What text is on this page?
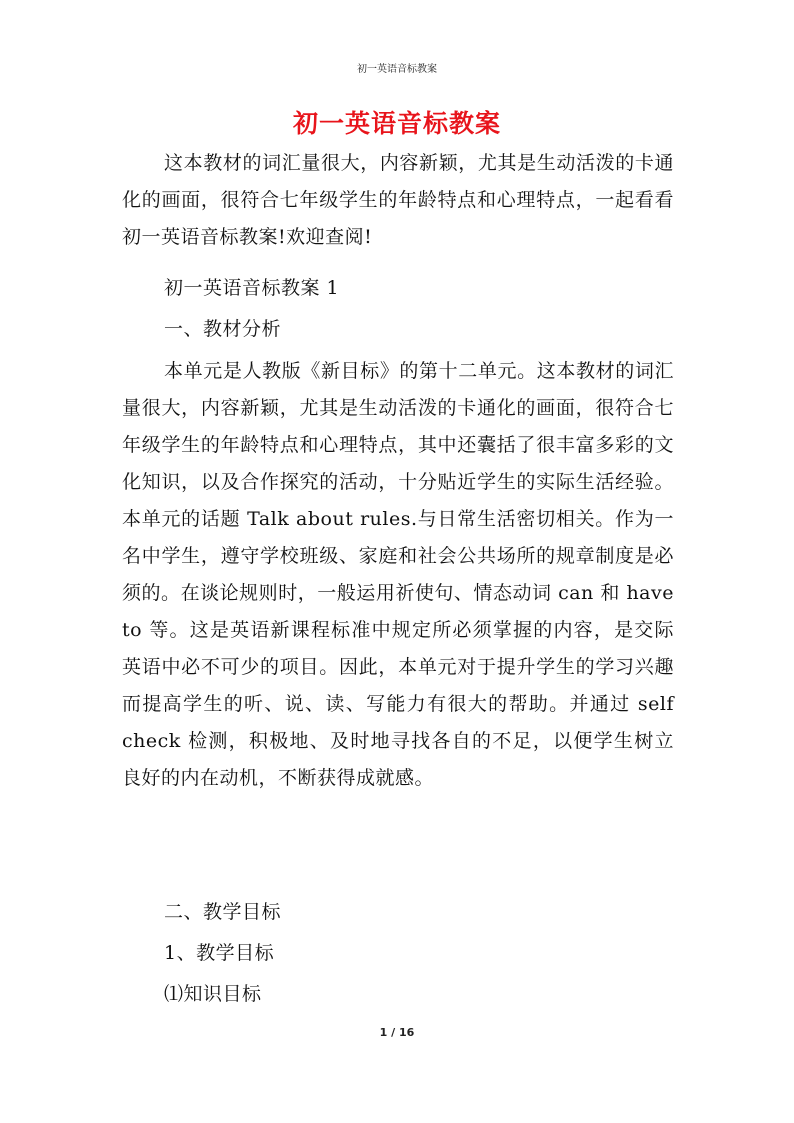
初一英语音标教案
初一英语音标教案

这本教材的词汇量很大，内容新颖，尤其是生动活泼的卡通化的画面，很符合七年级学生的年龄特点和心理特点，一起看看初一英语音标教案!欢迎查阅!

初一英语音标教案 1
一、教材分析

本单元是人教版《新目标》的第十二单元。这本教材的词汇量很大，内容新颖，尤其是生动活泼的卡通化的画面，很符合七年级学生的年龄特点和心理特点，其中还囊括了很丰富多彩的文化知识，以及合作探究的活动，十分贴近学生的实际生活经验。本单元的话题 Talk about rules.与日常生活密切相关。作为一名中学生，遵守学校班级、家庭和社会公共场所的规章制度是必须的。在谈论规则时，一般运用祈使句、情态动词 can 和 have to 等。这是英语新课程标准中规定所必须掌握的内容，是交际英语中必不可少的项目。因此，本单元对于提升学生的学习兴趣而提高学生的听、说、读、写能力有很大的帮助。并通过 self check 检测，积极地、及时地寻找各自的不足，以便学生树立良好的内在动机，不断获得成就感。

二、教学目标
1、教学目标
⑴知识目标
1 / 16
